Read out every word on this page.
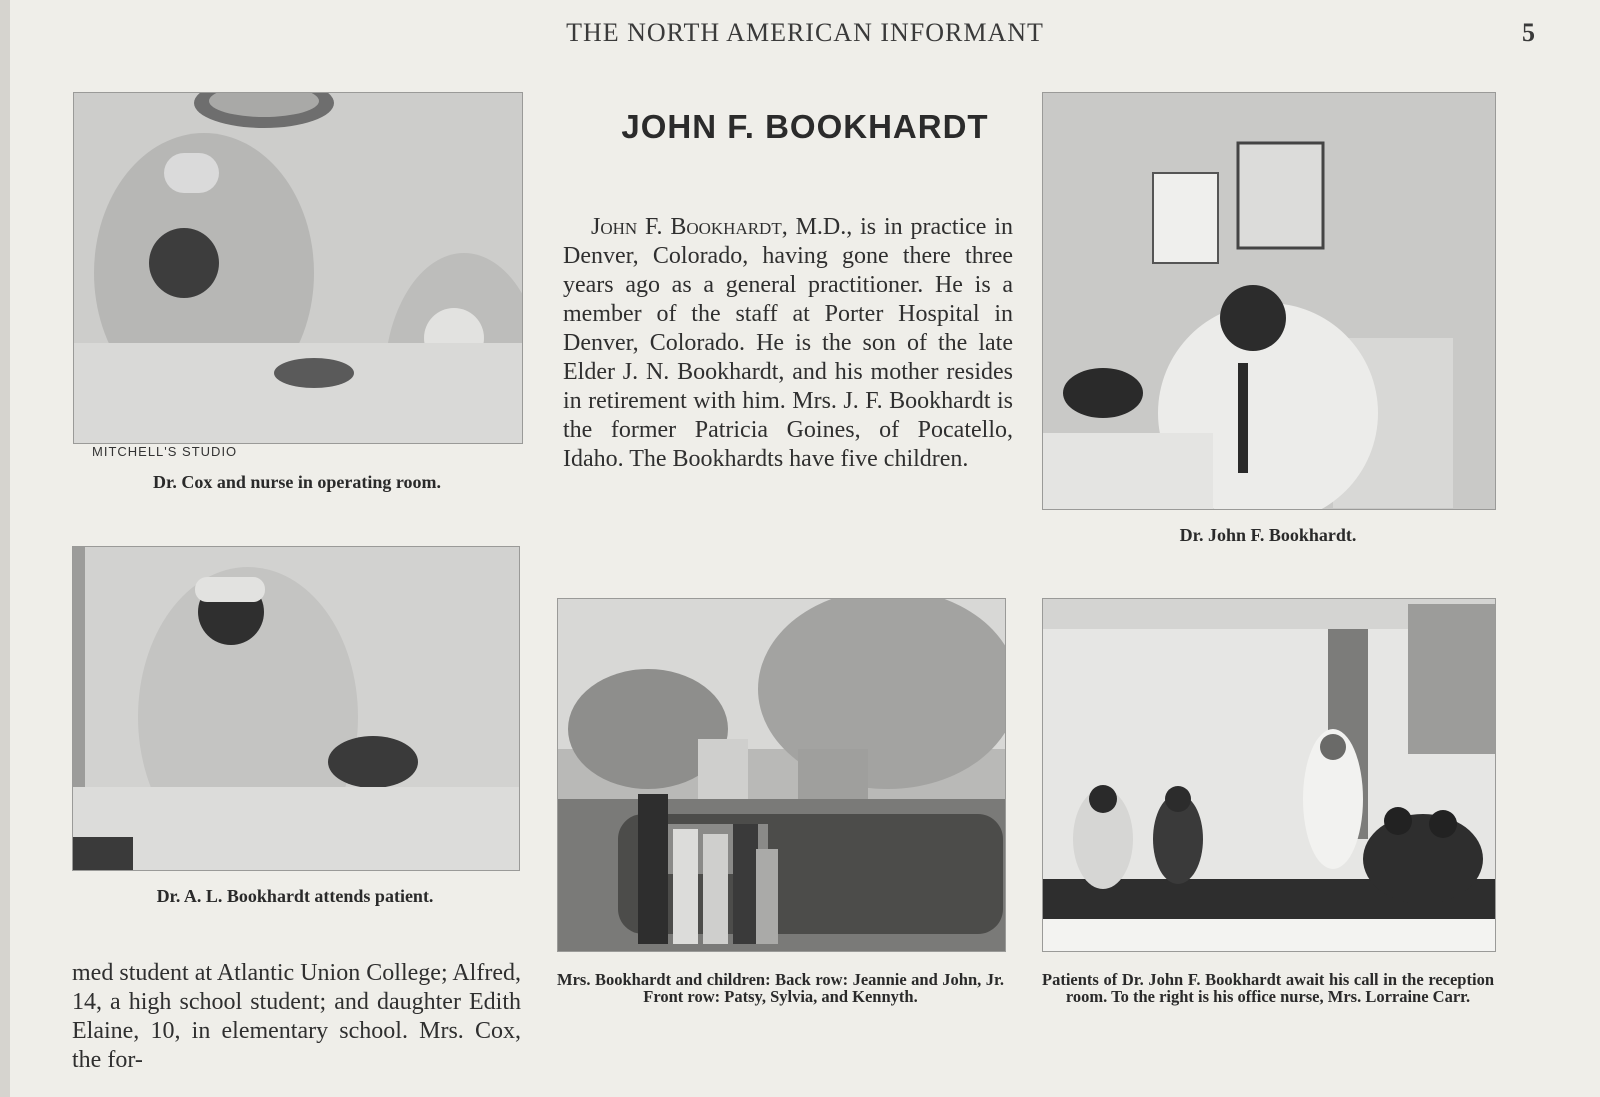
THE NORTH AMERICAN INFORMANT	5
MITCHELL'S STUDIO
Dr. Cox and nurse in operating room.
Dr. A. L. Bookhardt attends patient.

med student at Atlantic Union College; Alfred, 14, a high school student; and daughter Edith Elaine, 10, in elementary school. Mrs. Cox, the for-

JOHN F. BOOKHARDT

John F. Bookhardt, M.D., is in practice in Denver, Colorado, having gone there three years ago as a general practitioner. He is a member of the staff at Porter Hospital in Denver, Colorado. He is the son of the late Elder J. N. Bookhardt, and his mother resides in retirement with him. Mrs. J. F. Bookhardt is the former Patricia Goines, of Pocatello, Idaho. The Bookhardts have five children.

Dr. John F. Bookhardt.
Mrs. Bookhardt and children: Back row: Jeannie and John, Jr. Front row: Patsy, Sylvia, and Kennyth.
Patients of Dr. John F. Bookhardt await his call in the reception room. To the right is his office nurse, Mrs. Lorraine Carr.
